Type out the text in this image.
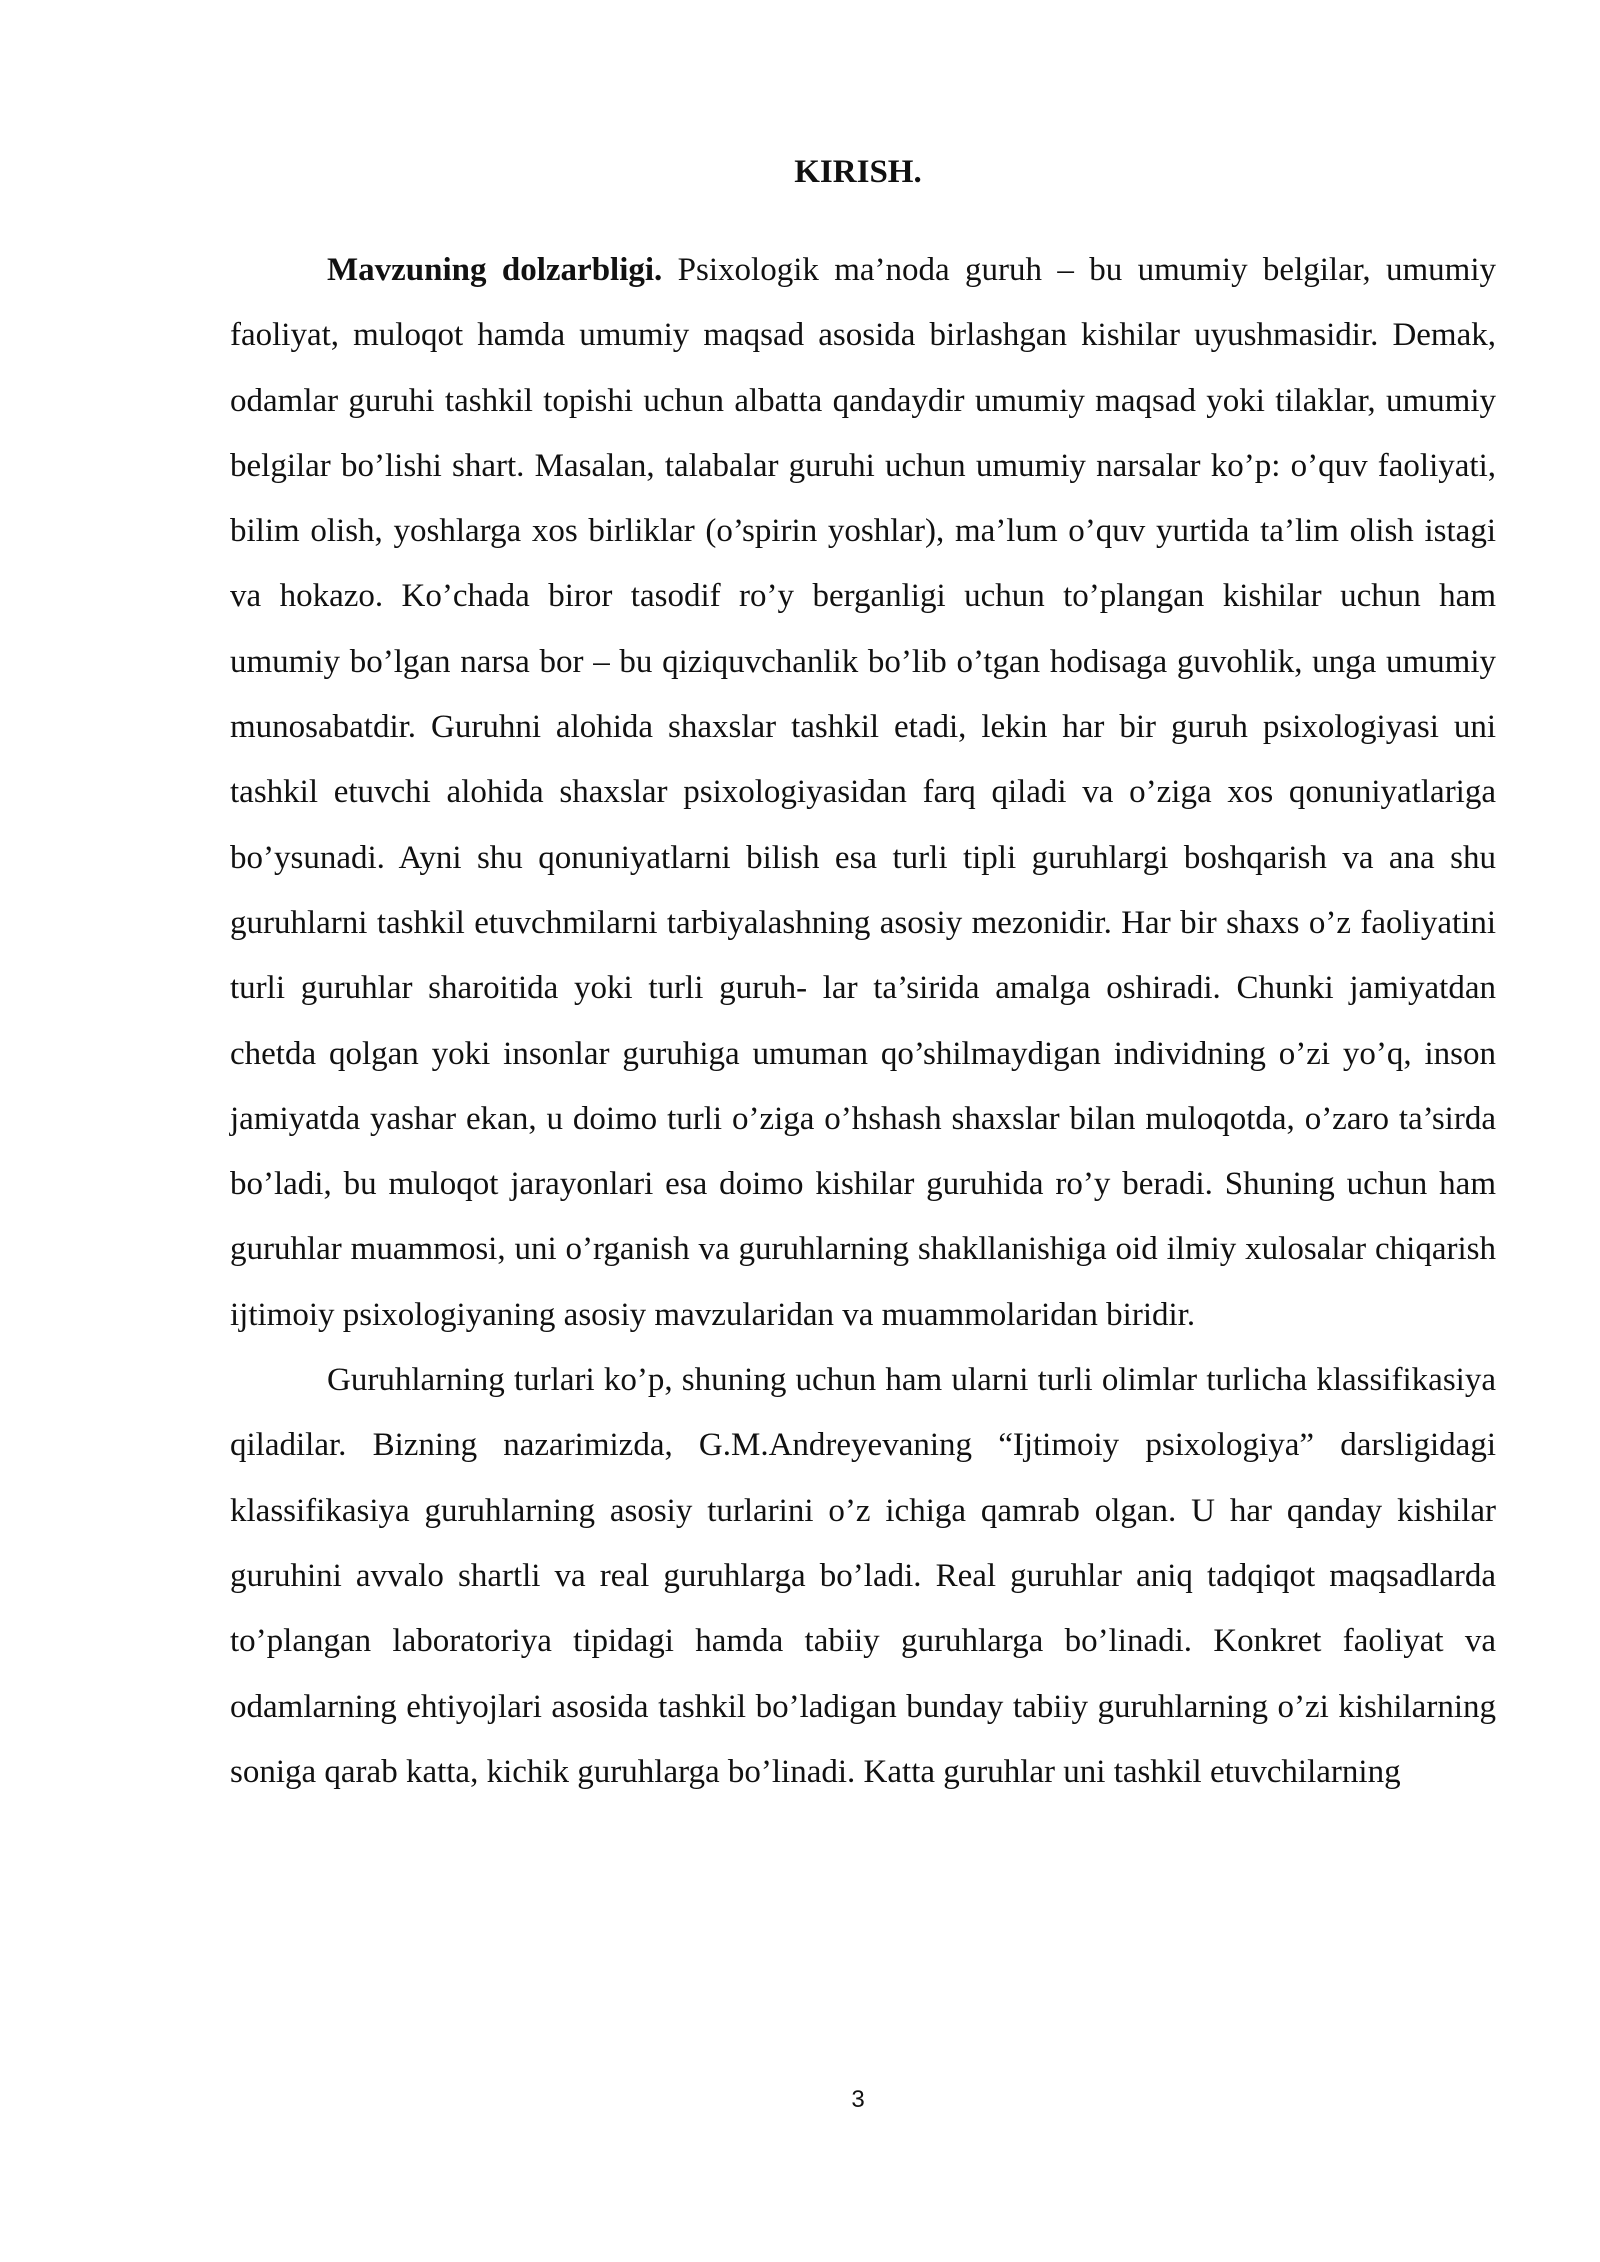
KIRISH.

Mavzuning dolzarbligi. Psixologik ma’noda guruh – bu umumiy belgilar, umumiy faoliyat, muloqot hamda umumiy maqsad asosida birlashgan kishilar uyushmasidir. Demak, odamlar guruhi tashkil topishi uchun albatta qandaydir umumiy maqsad yoki tilaklar, umumiy belgilar bo’lishi shart. Masalan, talabalar guruhi uchun umumiy narsalar ko’p: o’quv faoliyati, bilim olish, yoshlarga xos birliklar (o’spirin yoshlar), ma’lum o’quv yurtida ta’lim olish istagi va hokazo. Ko’chada biror tasodif ro’y berganligi uchun to’plangan kishilar uchun ham umumiy bo’lgan narsa bor – bu qiziquvchanlik bo’lib o’tgan hodisaga guvohlik, unga umumiy munosabatdir. Guruhni alohida shaxslar tashkil etadi, lekin har bir guruh psixologiyasi uni tashkil etuvchi alohida shaxslar psixologiyasidan farq qiladi va o’ziga xos qonuniyatlariga bo’ysunadi. Ayni shu qonuniyatlarni bilish esa turli tipli guruhlargi boshqarish va ana shu guruhlarni tashkil etuvchmilarni tarbiyalashning asosiy mezonidir. Har bir shaxs o’z faoliyatini turli guruhlar sharoitida yoki turli guruh- lar ta’sirida amalga oshiradi. Chunki jamiyatdan chetda qolgan yoki insonlar guruhiga umuman qo’shilmaydigan individning o’zi yo’q, inson jamiyatda yashar ekan, u doimo turli o’ziga o’hshash shaxslar bilan muloqotda, o’zaro ta’sirda bo’ladi, bu muloqot jarayonlari esa doimo kishilar guruhida ro’y beradi. Shuning uchun ham guruhlar muammosi, uni o’rganish va guruhlarning shakllanishiga oid ilmiy xulosalar chiqarish ijtimoiy psixologiyaning asosiy mavzularidan va muammolaridan biridir.

Guruhlarning turlari ko’p, shuning uchun ham ularni turli olimlar turlicha klassifikasiya qiladilar. Bizning nazarimizda, G.M.Andreyevaning “Ijtimoiy psixologiya” darsligidagi klassifikasiya guruhlarning asosiy turlarini o’z ichiga qamrab olgan. U har qanday kishilar guruhini avvalo shartli va real guruhlarga bo’ladi. Real guruhlar aniq tadqiqot maqsadlarda to’plangan laboratoriya tipidagi hamda tabiiy guruhlarga bo’linadi. Konkret faoliyat va odamlarning ehtiyojlari asosida tashkil bo’ladigan bunday tabiiy guruhlarning o’zi kishilarning soniga qarab katta, kichik guruhlarga bo’linadi. Katta guruhlar uni tashkil etuvchilarning

3
